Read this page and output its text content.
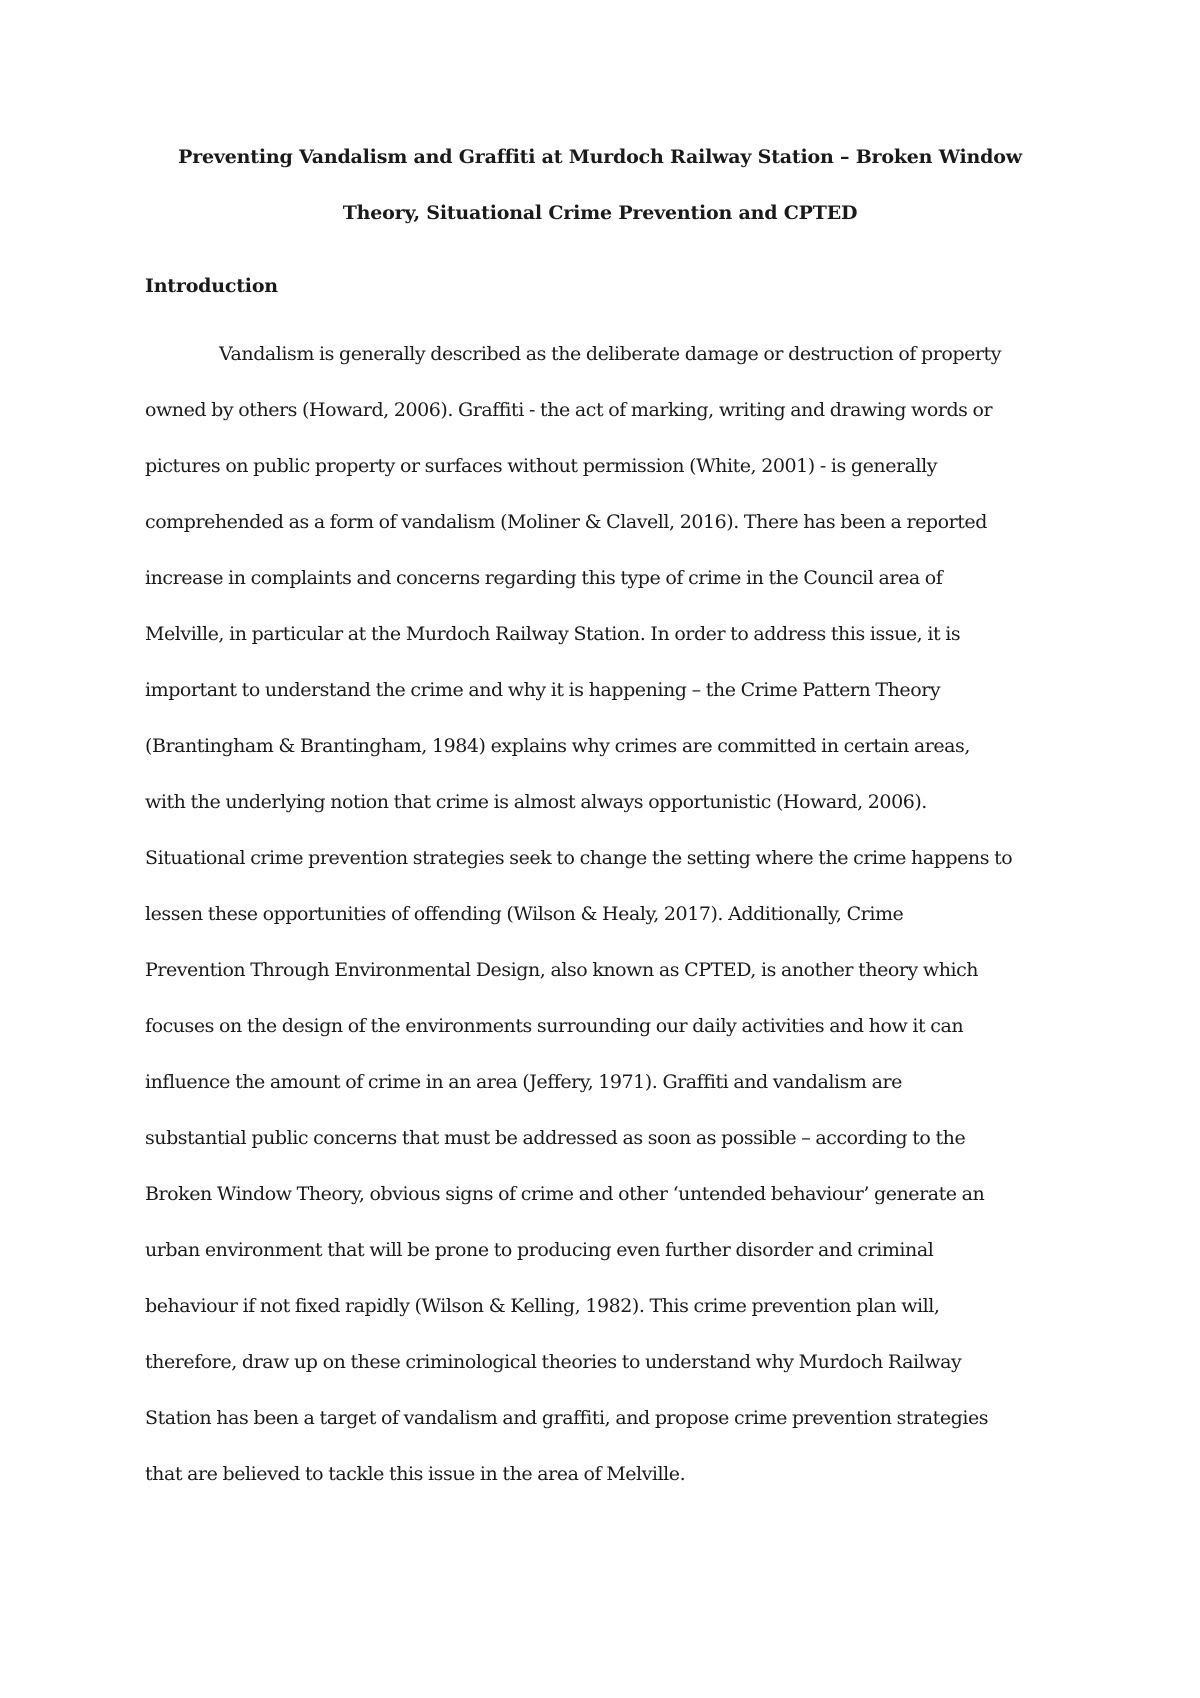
Preventing Vandalism and Graffiti at Murdoch Railway Station – Broken Window
Theory, Situational Crime Prevention and CPTED
Introduction
Vandalism is generally described as the deliberate damage or destruction of property
owned by others (Howard, 2006). Graffiti - the act of marking, writing and drawing words or
pictures on public property or surfaces without permission (White, 2001) - is generally
comprehended as a form of vandalism (Moliner & Clavell, 2016). There has been a reported
increase in complaints and concerns regarding this type of crime in the Council area of
Melville, in particular at the Murdoch Railway Station. In order to address this issue, it is
important to understand the crime and why it is happening – the Crime Pattern Theory
(Brantingham & Brantingham, 1984) explains why crimes are committed in certain areas,
with the underlying notion that crime is almost always opportunistic (Howard, 2006).
Situational crime prevention strategies seek to change the setting where the crime happens to
lessen these opportunities of offending (Wilson & Healy, 2017). Additionally, Crime
Prevention Through Environmental Design, also known as CPTED, is another theory which
focuses on the design of the environments surrounding our daily activities and how it can
influence the amount of crime in an area (Jeffery, 1971). Graffiti and vandalism are
substantial public concerns that must be addressed as soon as possible – according to the
Broken Window Theory, obvious signs of crime and other ‘untended behaviour’ generate an
urban environment that will be prone to producing even further disorder and criminal
behaviour if not fixed rapidly (Wilson & Kelling, 1982). This crime prevention plan will,
therefore, draw up on these criminological theories to understand why Murdoch Railway
Station has been a target of vandalism and graffiti, and propose crime prevention strategies
that are believed to tackle this issue in the area of Melville.
